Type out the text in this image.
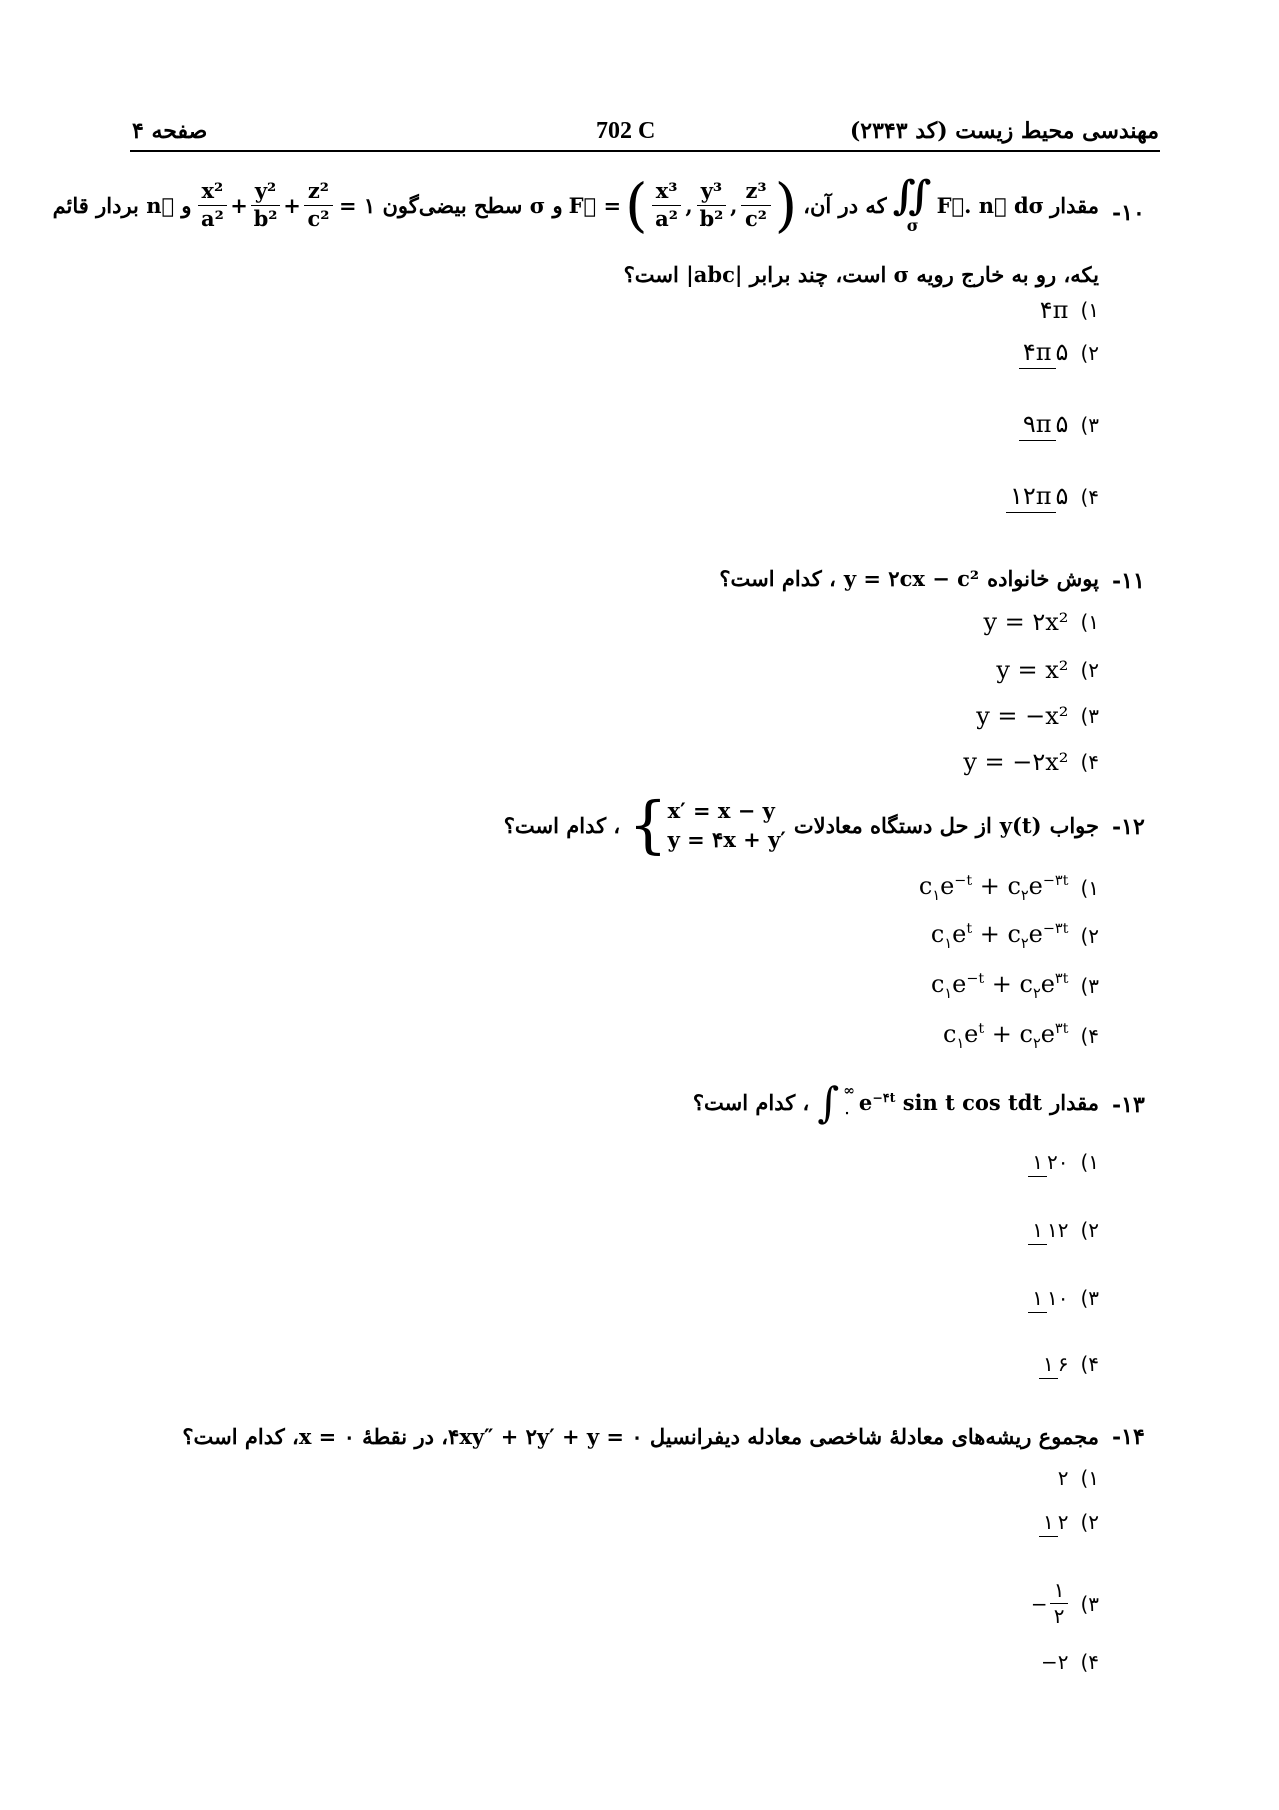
مهندسی محیط زیست (کد ۲۳۴۳)
702 C
صفحه ۴
۱۰-
مقدار
∬
σ
F⃗. n⃗ dσ
که در آن،
F⃗ = ( $\frac{\text{x³}}{\text{a²}}$ , $\frac{\text{y³}}{\text{b²}}$ , $\frac{\text{z³}}{\text{c²}}$ )
و σ سطح بیضی‌گون ۱ =
$\frac{\text{x²}}{\text{a²}} + \frac{\text{y²}}{\text{b²}} + \frac{\text{z²}}{\text{c²}}$
و n⃗ بردار قائم
یکه، رو به خارج رویه σ است، چند برابر |abc| است؟
۱)
۴π
۲)
۴π ۵
۳)
۹π ۵
۴)
۱۲π ۵
۱۱-
پوش خانواده
y = ۲cx − c²
، کدام است؟
۱)
y = ۲x²
۲)
y = x²
۳)
y = −x²
۴)
y = −۲x²
۱۲-
جواب
y(t)
از حل دستگاه معادلات
{ x′ = x − y
y = ۴x + y′
، کدام است؟
۱)
$c_۱e^{-t} + c_۲e^{-۳t}$
۲)
$c_۱e^t + c_۲e^{-۳t}$
۳)
$c_۱e^{-t} + c_۲e^{۳t}$
۴)
$c_۱e^t + c_۲e^{۳t}$
۱۳-
مقدار
∫ ∞
۰ $e^{-۴t}$ sin t cos tdt
، کدام است؟
۱)
۱ ۲۰
۲)
۱ ۱۲
۳)
۱ ۱۰
۴)
۱ ۶
۱۴-
مجموع ریشه‌های معادلهٔ شاخصی معادله دیفرانسیل ۰ = ۴xy″ + ۲y′ + y، در نقطهٔ ۰ = x، کدام است؟
۱)
۲
۲)
۱ ۲
۳)
− $\frac{۱}{۲}$
۴)
−۲
